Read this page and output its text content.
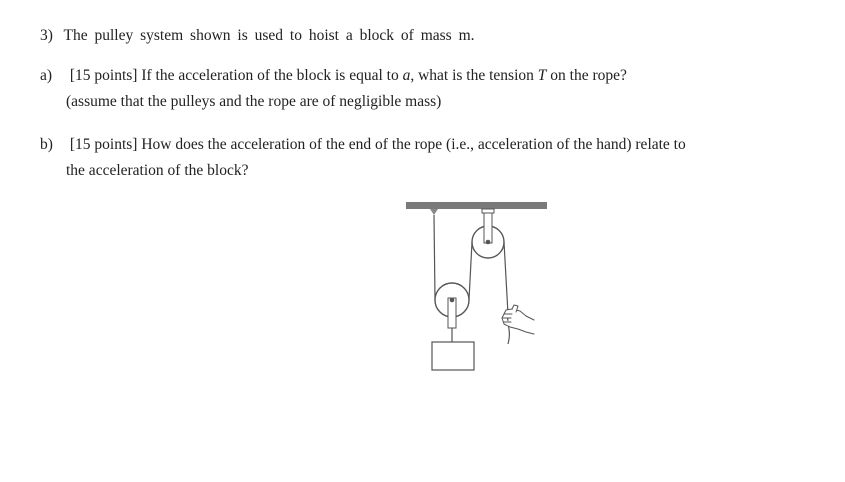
3) The pulley system shown is used to hoist a block of mass m.
a) [15 points] If the acceleration of the block is equal to a, what is the tension T on the rope?
(assume that the pulleys and the rope are of negligible mass)
b) [15 points] How does the acceleration of the end of the rope (i.e., acceleration of the hand) relate to
the acceleration of the block?
